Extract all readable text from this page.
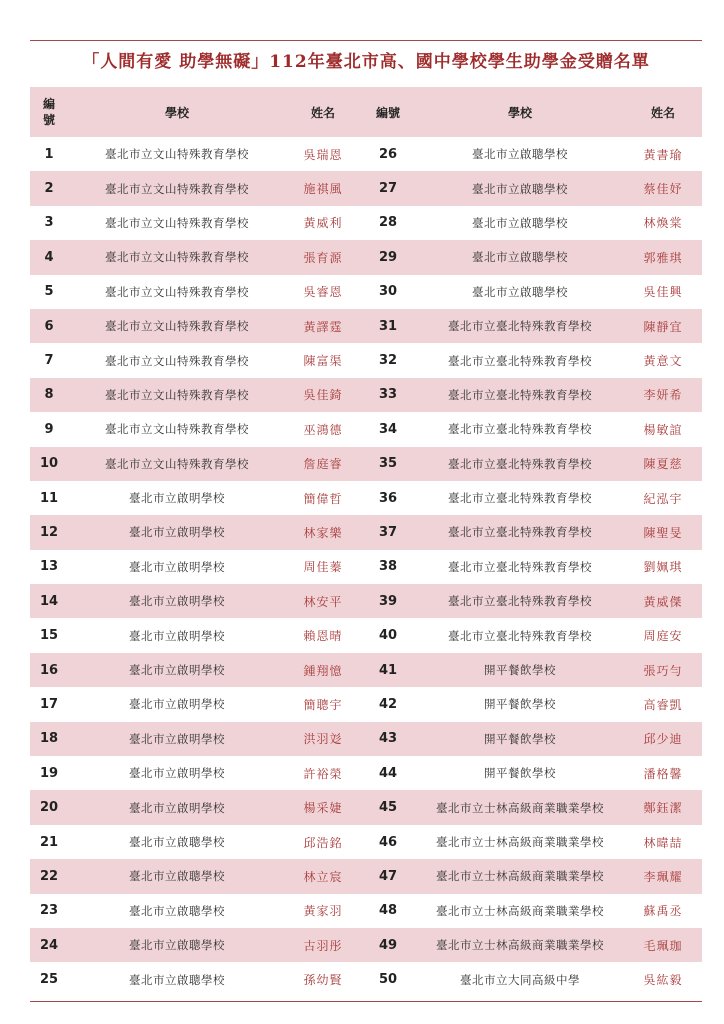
「人間有愛 助學無礙」112年臺北市高、國中學校學生助學金受贈名單
編號	學校	姓名	編號	學校	姓名
1	臺北市立文山特殊教育學校	吳瑞恩	26	臺北市立啟聰學校	黃書瑜
2	臺北市立文山特殊教育學校	施祺風	27	臺北市立啟聰學校	蔡佳妤
3	臺北市立文山特殊教育學校	黃威利	28	臺北市立啟聰學校	林煥棠
4	臺北市立文山特殊教育學校	張育源	29	臺北市立啟聰學校	郭雅琪
5	臺北市立文山特殊教育學校	吳睿恩	30	臺北市立啟聰學校	吳佳興
6	臺北市立文山特殊教育學校	黃譯霆	31	臺北市立臺北特殊教育學校	陳靜宜
7	臺北市立文山特殊教育學校	陳富渠	32	臺北市立臺北特殊教育學校	黃意文
8	臺北市立文山特殊教育學校	吳佳錡	33	臺北市立臺北特殊教育學校	李妍希
9	臺北市立文山特殊教育學校	巫鴻德	34	臺北市立臺北特殊教育學校	楊敏誼
10	臺北市立文山特殊教育學校	詹庭睿	35	臺北市立臺北特殊教育學校	陳夏慈
11	臺北市立啟明學校	簡偉哲	36	臺北市立臺北特殊教育學校	紀泓宇
12	臺北市立啟明學校	林家樂	37	臺北市立臺北特殊教育學校	陳聖旻
13	臺北市立啟明學校	周佳蓁	38	臺北市立臺北特殊教育學校	劉姵琪
14	臺北市立啟明學校	林安平	39	臺北市立臺北特殊教育學校	黃威傑
15	臺北市立啟明學校	賴恩晴	40	臺北市立臺北特殊教育學校	周庭安
16	臺北市立啟明學校	鍾翔憶	41	開平餐飲學校	張巧勻
17	臺北市立啟明學校	簡聰宇	42	開平餐飲學校	高睿凱
18	臺北市立啟明學校	洪羽彣	43	開平餐飲學校	邱少迪
19	臺北市立啟明學校	許裕榮	44	開平餐飲學校	潘格馨
20	臺北市立啟明學校	楊采婕	45	臺北市立士林高級商業職業學校	鄭鈺潔
21	臺北市立啟聰學校	邱浩銘	46	臺北市立士林高級商業職業學校	林暐喆
22	臺北市立啟聰學校	林立宸	47	臺北市立士林高級商業職業學校	李珮耀
23	臺北市立啟聰學校	黃家羽	48	臺北市立士林高級商業職業學校	蘇禹丞
24	臺北市立啟聰學校	古羽彤	49	臺北市立士林高級商業職業學校	毛珮珈
25	臺北市立啟聰學校	孫幼賢	50	臺北市立大同高級中學	吳紘毅
